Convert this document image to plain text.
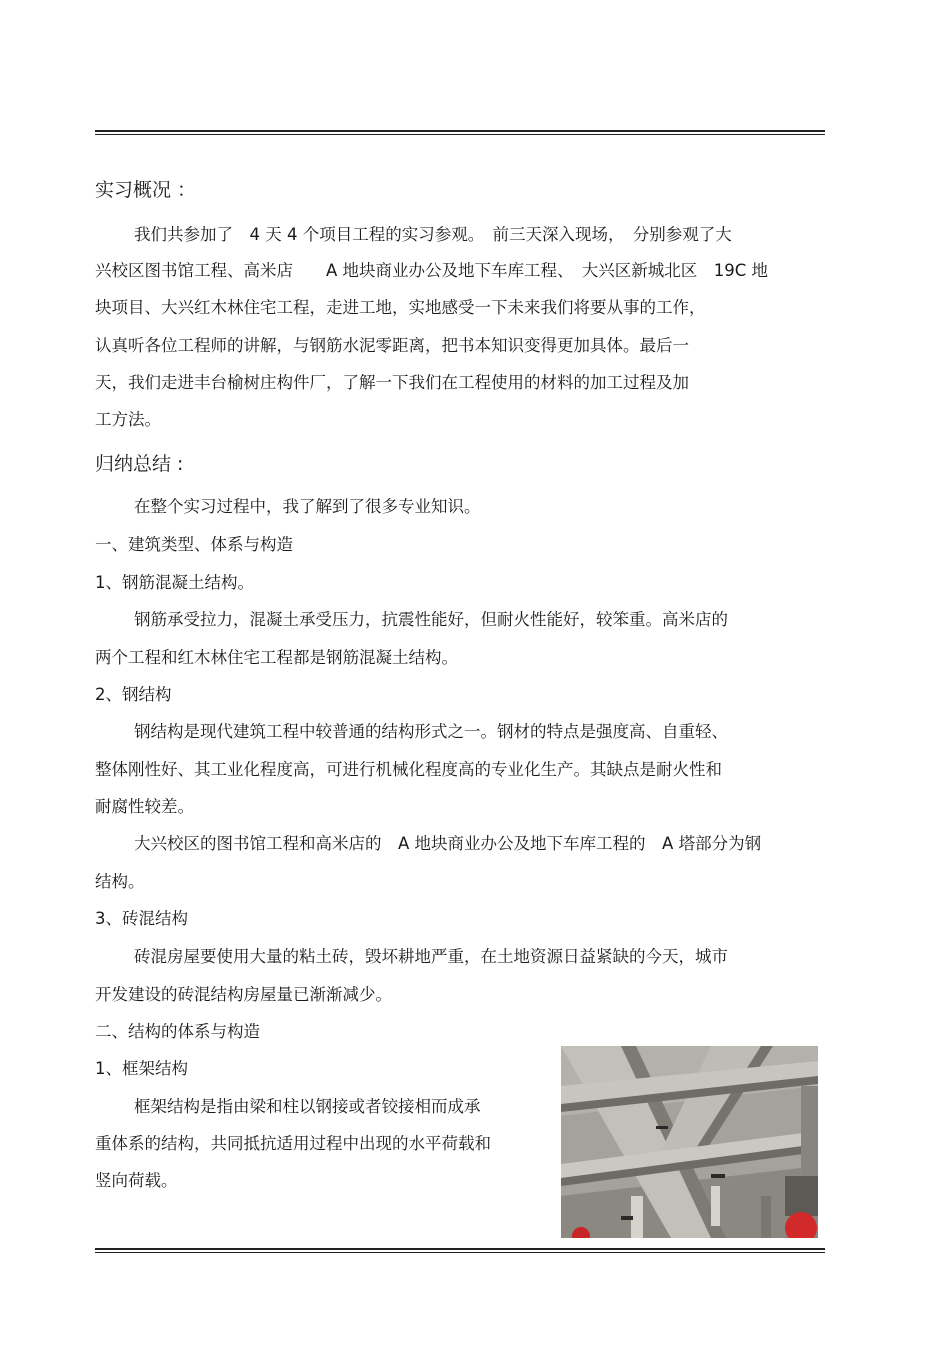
实习概况 ：
我们共参加了　4 天 4 个项目工程的实习参观。　前三天深入现场，　分别参观了大
兴校区图书馆工程、高米店　　A 地块商业办公及地下车库工程、　大兴区新城北区　19C 地
块项目、大兴红木林住宅工程，走进工地，实地感受一下未来我们将要从事的工作，
认真听各位工程师的讲解，与钢筋水泥零距离，把书本知识变得更加具体。最后一
天，我们走进丰台榆树庄构件厂，了解一下我们在工程使用的材料的加工过程及加
工方法。
归纳总结 :
在整个实习过程中，我了解到了很多专业知识。
一、建筑类型、体系与构造
1、钢筋混凝土结构。
钢筋承受拉力，混凝土承受压力，抗震性能好，但耐火性能好，较笨重。高米店的
两个工程和红木林住宅工程都是钢筋混凝土结构。
2、钢结构
钢结构是现代建筑工程中较普通的结构形式之一。钢材的特点是强度高、自重轻、
整体刚性好、其工业化程度高，可进行机械化程度高的专业化生产。其缺点是耐火性和
耐腐性较差。
大兴校区的图书馆工程和高米店的　A 地块商业办公及地下车库工程的　A 塔部分为钢
结构。
3、砖混结构
砖混房屋要使用大量的粘土砖，毁坏耕地严重，在土地资源日益紧缺的今天，城市
开发建设的砖混结构房屋量已渐渐减少。
二、结构的体系与构造
1、框架结构
框架结构是指由梁和柱以钢接或者铰接相而成承
重体系的结构，共同抵抗适用过程中出现的水平荷载和
竖向荷载。
